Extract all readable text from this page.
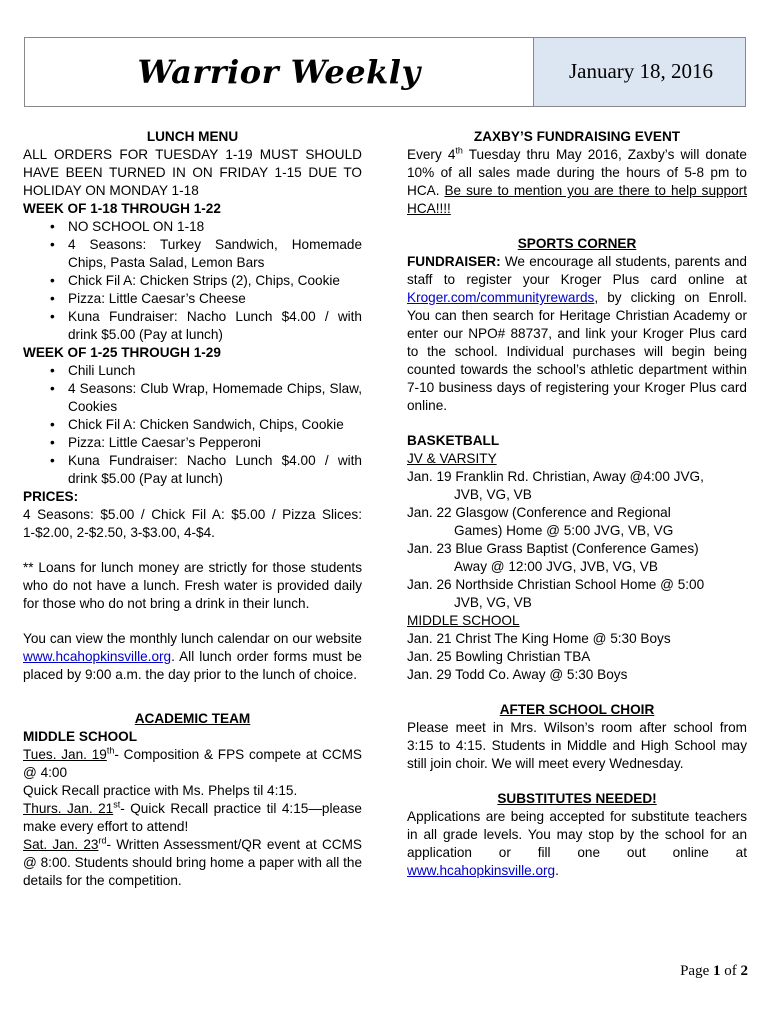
Warrior Weekly	January 18, 2016
LUNCH MENU

ALL ORDERS FOR TUESDAY 1-19 MUST SHOULD HAVE BEEN TURNED IN ON FRIDAY 1-15 DUE TO HOLIDAY ON MONDAY 1-18

WEEK OF 1-18 THROUGH 1-22
• NO SCHOOL ON 1-18
• 4 Seasons: Turkey Sandwich, Homemade Chips, Pasta Salad, Lemon Bars
• Chick Fil A: Chicken Strips (2), Chips, Cookie
• Pizza: Little Caesar’s Cheese
• Kuna Fundraiser: Nacho Lunch $4.00 / with drink $5.00 (Pay at lunch)
WEEK OF 1-25 THROUGH 1-29
• Chili Lunch
• 4 Seasons: Club Wrap, Homemade Chips, Slaw, Cookies
• Chick Fil A: Chicken Sandwich, Chips, Cookie
• Pizza: Little Caesar’s Pepperoni
• Kuna Fundraiser: Nacho Lunch $4.00 / with drink $5.00 (Pay at lunch)
PRICES:

4 Seasons: $5.00 / Chick Fil A: $5.00 / Pizza Slices: 1-$2.00, 2-$2.50, 3-$3.00, 4-$4.

** Loans for lunch money are strictly for those students who do not have a lunch. Fresh water is provided daily for those who do not bring a drink in their lunch.

You can view the monthly lunch calendar on our website www.hcahopkinsville.org. All lunch order forms must be placed by 9:00 a.m. the day prior to the lunch of choice.

ACADEMIC TEAM
MIDDLE SCHOOL

Tues. Jan. 19th- Composition & FPS compete at CCMS @ 4:00

Quick Recall practice with Ms. Phelps til 4:15.

Thurs. Jan. 21st- Quick Recall practice til 4:15—please make every effort to attend!

Sat. Jan. 23rd- Written Assessment/QR event at CCMS @ 8:00. Students should bring home a paper with all the details for the competition.

ZAXBY’S FUNDRAISING EVENT

Every 4th Tuesday thru May 2016, Zaxby’s will donate 10% of all sales made during the hours of 5-8 pm to HCA. Be sure to mention you are there to help support HCA!!!!

SPORTS CORNER

FUNDRAISER: We encourage all students, parents and staff to register your Kroger Plus card online at Kroger.com/communityrewards, by clicking on Enroll. You can then search for Heritage Christian Academy or enter our NPO# 88737, and link your Kroger Plus card to the school. Individual purchases will begin being counted towards the school’s athletic department within 7-10 business days of registering your Kroger Plus card online.

BASKETBALL
JV & VARSITY
Jan. 19 Franklin Rd. Christian, Away @4:00 JVG,
JVB, VG, VB
Jan. 22 Glasgow (Conference and Regional
Games) Home @ 5:00 JVG, VB, VG
Jan. 23 Blue Grass Baptist (Conference Games)
Away @ 12:00 JVG, JVB, VG, VB
Jan. 26 Northside Christian School Home @ 5:00
JVB, VG, VB
MIDDLE SCHOOL
Jan. 21 Christ The King Home @ 5:30 Boys
Jan. 25 Bowling Christian TBA
Jan. 29 Todd Co. Away @ 5:30 Boys
AFTER SCHOOL CHOIR

Please meet in Mrs. Wilson’s room after school from 3:15 to 4:15. Students in Middle and High School may still join choir. We will meet every Wednesday.

SUBSTITUTES NEEDED!

Applications are being accepted for substitute teachers in all grade levels. You may stop by the school for an application or fill one out online at www.hcahopkinsville.org.

Page 1 of 2
